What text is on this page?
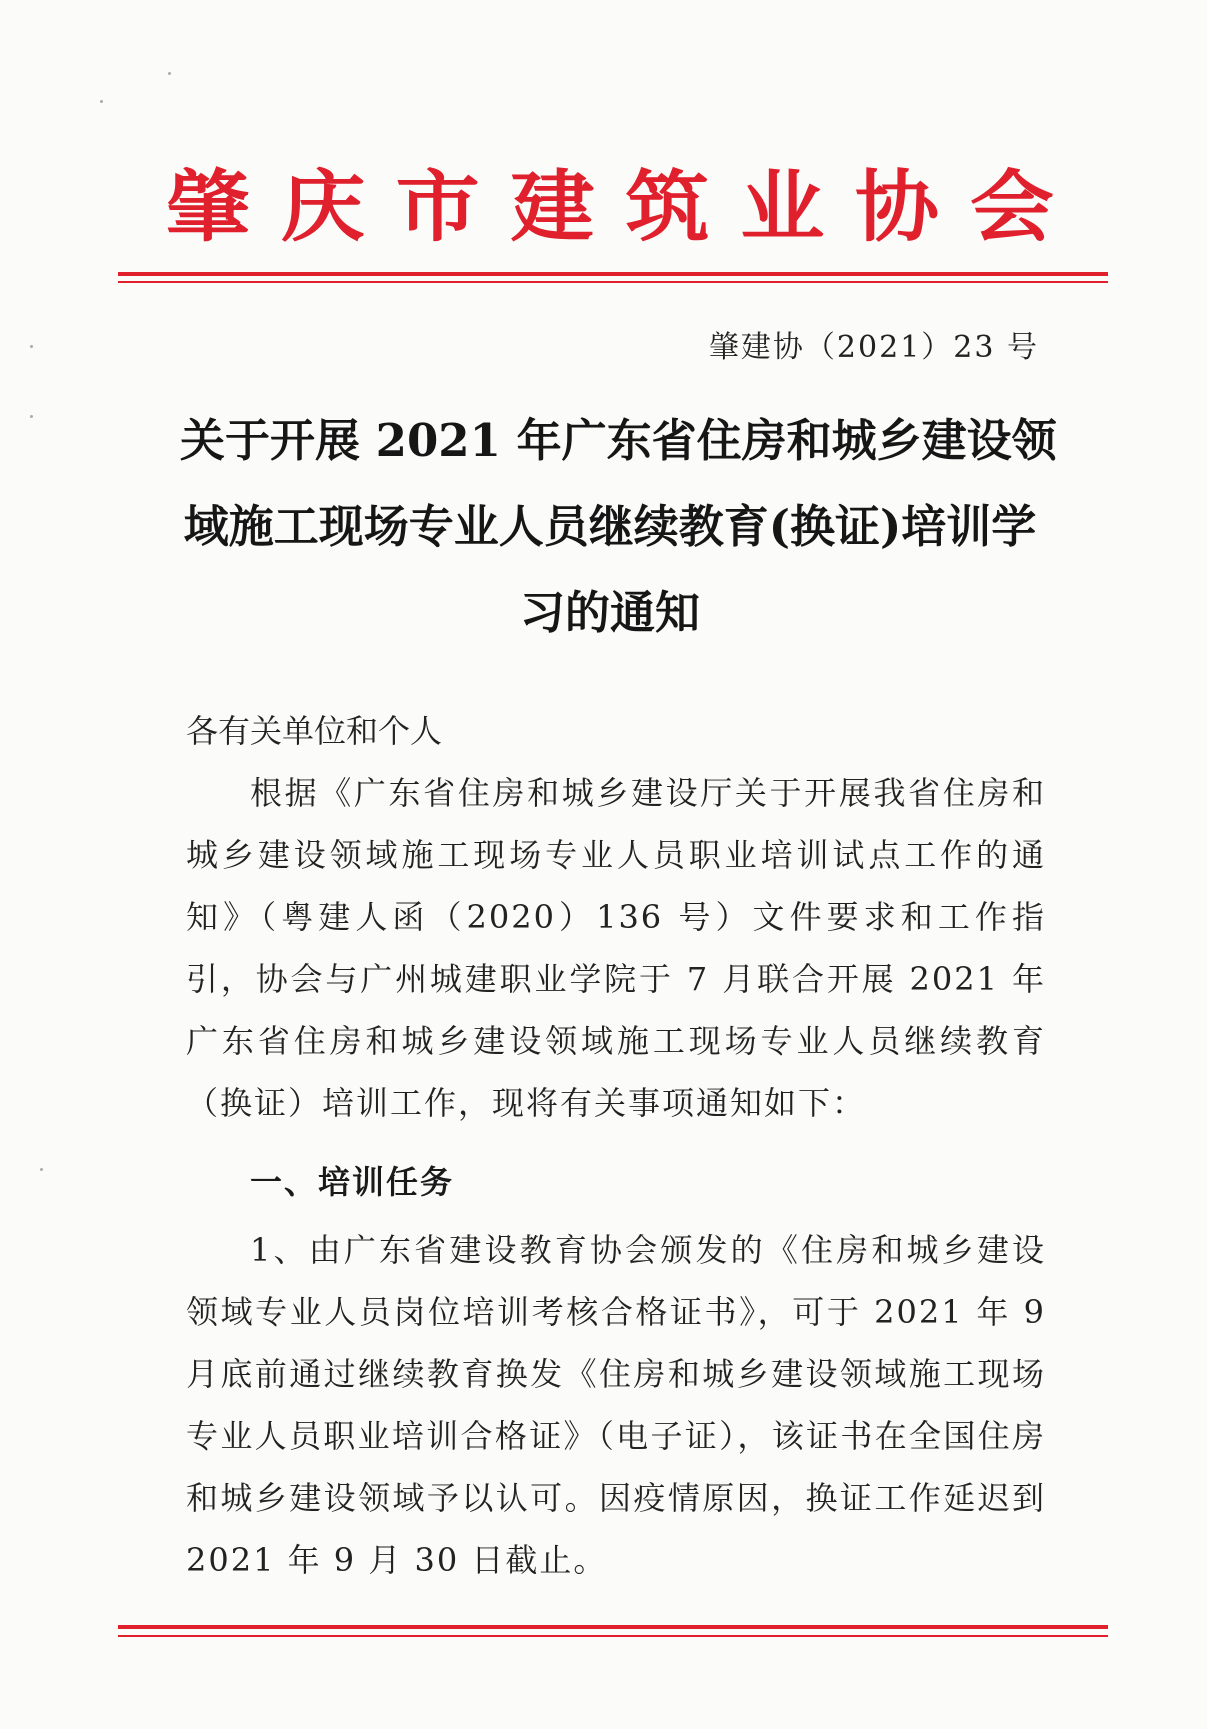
肇 庆 市 建 筑 业 协 会
肇建协（2021）23 号
关于开展 2021 年广东省住房和城乡建设领
域施工现场专业人员继续教育(换证)培训学
习的通知
各有关单位和个人
根据《广东省住房和城乡建设厅关于开展我省住房和城乡建设领域施工现场专业人员职业培训试点工作的通知》（粤建人函（2020）136 号）文件要求和工作指引，协会与广州城建职业学院于 7 月联合开展 2021 年广东省住房和城乡建设领域施工现场专业人员继续教育（换证）培训工作，现将有关事项通知如下：
一、培训任务
1、由广东省建设教育协会颁发的《住房和城乡建设领域专业人员岗位培训考核合格证书》，可于 2021 年 9 月底前通过继续教育换发《住房和城乡建设领域施工现场专业人员职业培训合格证》（电子证），该证书在全国住房和城乡建设领域予以认可。因疫情原因，换证工作延迟到 2021 年 9 月 30 日截止。
